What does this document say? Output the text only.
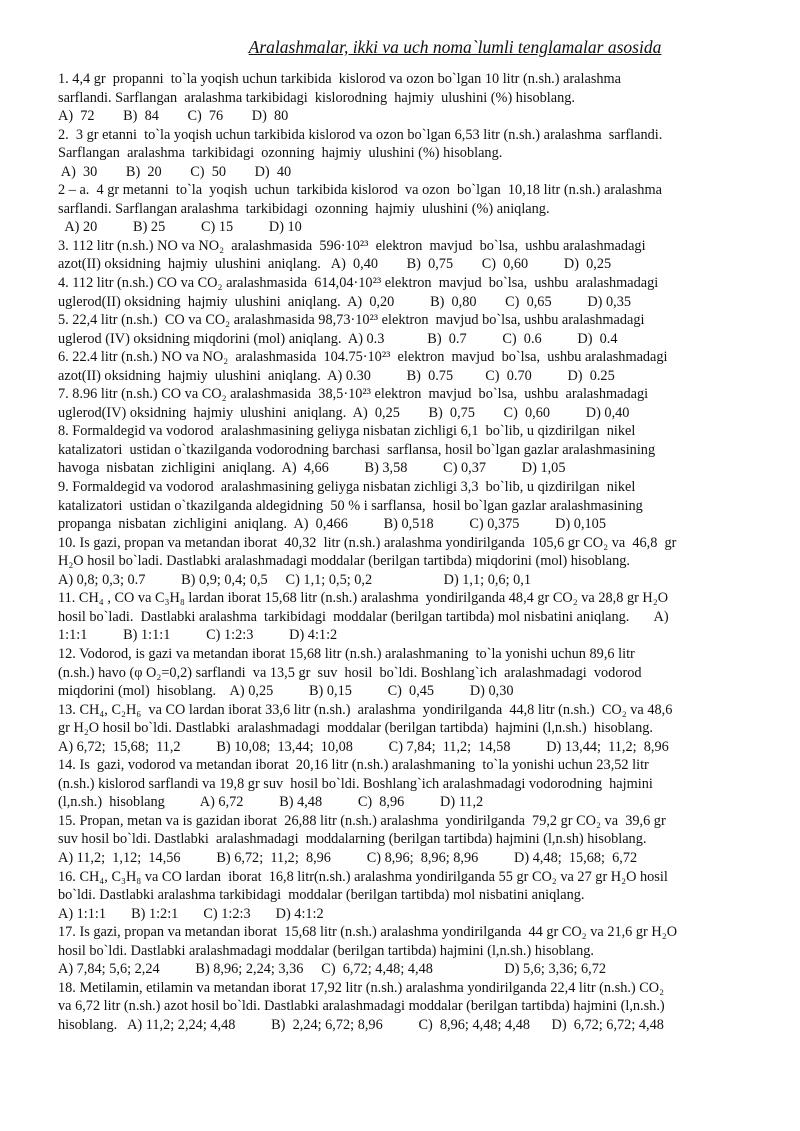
Aralashmalar, ikki va uch noma`lumli tenglamalar asosida
1. 4,4 gr  propanni  to`la yoqish uchun tarkibida  kislorod va ozon bo`lgan 10 litr (n.sh.) aralashma
sarflandi. Sarflangan  aralashma tarkibidagi  kislorodning  hajmiy  ulushini (%) hisoblang.
A)  72        B)  84        C)  76        D)  80
2.  3 gr etanni  to`la yoqish uchun tarkibida kislorod va ozon bo`lgan 6,53 litr (n.sh.) aralashma  sarflandi.
Sarflangan  aralashma  tarkibidagi  ozonning  hajmiy  ulushini (%) hisoblang.
A)  30        B)  20        C)  50        D)  40
2 – a.  4 gr metanni  to`la  yoqish  uchun  tarkibida kislorod  va ozon  bo`lgan  10,18 litr (n.sh.) aralashma
sarflandi. Sarflangan aralashma  tarkibidagi  ozonning  hajmiy  ulushini (%) aniqlang.
A) 20          B) 25          C) 15          D) 10
3. 112 litr (n.sh.) NO va NO₂  aralashmasida  596·10²³  elektron  mavjud  bo`lsa,  ushbu aralashmadagi
azot(II) oksidning  hajmiy  ulushini  aniqlang.   A)  0,40        B)  0,75        C)  0,60          D)  0,25
4. 112 litr (n.sh.) CO va CO₂ aralashmasida  614,04·10²³ elektron  mavjud  bo`lsa,  ushbu  aralashmadagi
uglerod(II) oksidning  hajmiy  ulushini  aniqlang.  A)  0,20          B)  0,80        C)  0,65          D) 0,35
5. 22,4 litr (n.sh.)  CO va CO₂ aralashmasida 98,73·10²³ elektron  mavjud bo`lsa, ushbu aralashmadagi
uglerod (IV) oksidning miqdorini (mol) aniqlang.  A) 0.3            B)  0.7          C)  0.6          D)  0.4
6. 22.4 litr (n.sh.) NO va NO₂  aralashmasida  104.75·10²³  elektron  mavjud  bo`lsa,  ushbu aralashmadagi
azot(II) oksidning  hajmiy  ulushini  aniqlang.  A) 0.30          B)  0.75         C)  0.70          D)  0.25
7. 8.96 litr (n.sh.) CO va CO₂ aralashmasida  38,5·10²³ elektron  mavjud  bo`lsa,  ushbu  aralashmadagi
uglerod(IV) oksidning  hajmiy  ulushini  aniqlang.  A)  0,25        B)  0,75        C)  0,60          D) 0,40
8. Formaldegid va vodorod  aralashmasining geliyga nisbatan zichligi 6,1  bo`lib, u qizdirilgan  nikel
katalizatori  ustidan o`tkazilganda vodorodning barchasi  sarflansa, hosil bo`lgan gazlar aralashmasining
havoga  nisbatan  zichligini  aniqlang.  A)  4,66          B) 3,58          C) 0,37          D) 1,05
9. Formaldegid va vodorod  aralashmasining geliyga nisbatan zichligi 3,3  bo`lib, u qizdirilgan  nikel
katalizatori  ustidan o`tkazilganda aldegidning  50 % i sarflansa,  hosil bo`lgan gazlar aralashmasining
propanga  nisbatan  zichligini  aniqlang.  A)  0,466          B) 0,518          C) 0,375          D) 0,105
10. Is gazi, propan va metandan iborat  40,32  litr (n.sh.) aralashma yondirilganda  105,6 gr CO₂ va  46,8  gr
H₂O hosil bo`ladi. Dastlabki aralashmadagi moddalar (berilgan tartibda) miqdorini (mol) hisoblang.
A) 0,8; 0,3; 0.7          B) 0,9; 0,4; 0,5     C) 1,1; 0,5; 0,2                    D) 1,1; 0,6; 0,1
11. CH₄ , CO va C₃H₈ lardan iborat 15,68 litr (n.sh.) aralashma  yondirilganda 48,4 gr CO₂ va 28,8 gr H₂O
hosil bo`ladi.  Dastlabki aralashma  tarkibidagi  moddalar (berilgan tartibda) mol nisbatini aniqlang.       A)
1:1:1          B) 1:1:1          C) 1:2:3          D) 4:1:2
12. Vodorod, is gazi va metandan iborat 15,68 litr (n.sh.) aralashmaning  to`la yonishi uchun 89,6 litr
(n.sh.) havo (φ O₂=0,2) sarflandi  va 13,5 gr  suv  hosil  bo`ldi. Boshlang`ich  aralashmadagi  vodorod
miqdorini (mol)  hisoblang.    A) 0,25          B) 0,15          C)  0,45          D) 0,30
13. CH₄, C₂H₆  va CO lardan iborat 33,6 litr (n.sh.)  aralashma  yondirilganda  44,8 litr (n.sh.)  CO₂ va 48,6
gr H₂O hosil bo`ldi. Dastlabki  aralashmadagi  moddalar (berilgan tartibda)  hajmini (l,n.sh.)  hisoblang.
A) 6,72;  15,68;  11,2          B) 10,08;  13,44;  10,08          C) 7,84;  11,2;  14,58          D) 13,44;  11,2;  8,96
14. Is  gazi, vodorod va metandan iborat  20,16 litr (n.sh.) aralashmaning  to`la yonishi uchun 23,52 litr
(n.sh.) kislorod sarflandi va 19,8 gr suv  hosil bo`ldi. Boshlang`ich aralashmadagi vodorodning  hajmini
(l,n.sh.)  hisoblang          A) 6,72          B) 4,48          C)  8,96          D) 11,2
15. Propan, metan va is gazidan iborat  26,88 litr (n.sh.) aralashma  yondirilganda  79,2 gr CO₂ va  39,6 gr
suv hosil bo`ldi. Dastlabki  aralashmadagi  moddalarning (berilgan tartibda) hajmini (l,n.sh) hisoblang.
A) 11,2;  1,12;  14,56          B) 6,72;  11,2;  8,96          C) 8,96;  8,96; 8,96          D) 4,48;  15,68;  6,72
16. CH₄, C₃H₈ va CO lardan  iborat  16,8 litr(n.sh.) aralashma yondirilganda 55 gr CO₂ va 27 gr H₂O hosil
bo`ldi. Dastlabki aralashma tarkibidagi  moddalar (berilgan tartibda) mol nisbatini aniqlang.
A) 1:1:1       B) 1:2:1       C) 1:2:3       D) 4:1:2
17. Is gazi, propan va metandan iborat  15,68 litr (n.sh.) aralashma yondirilganda  44 gr CO₂ va 21,6 gr H₂O
hosil bo`ldi. Dastlabki aralashmadagi moddalar (berilgan tartibda) hajmini (l,n.sh.) hisoblang.
A) 7,84; 5,6; 2,24          B) 8,96; 2,24; 3,36     C)  6,72; 4,48; 4,48                    D) 5,6; 3,36; 6,72
18. Metilamin, etilamin va metandan iborat 17,92 litr (n.sh.) aralashma yondirilganda 22,4 litr (n.sh.) CO₂
va 6,72 litr (n.sh.) azot hosil bo`ldi. Dastlabki aralashmadagi moddalar (berilgan tartibda) hajmini (l,n.sh.)
hisoblang.   A) 11,2; 2,24; 4,48          B)  2,24; 6,72; 8,96          C)  8,96; 4,48; 4,48      D)  6,72; 6,72; 4,48
